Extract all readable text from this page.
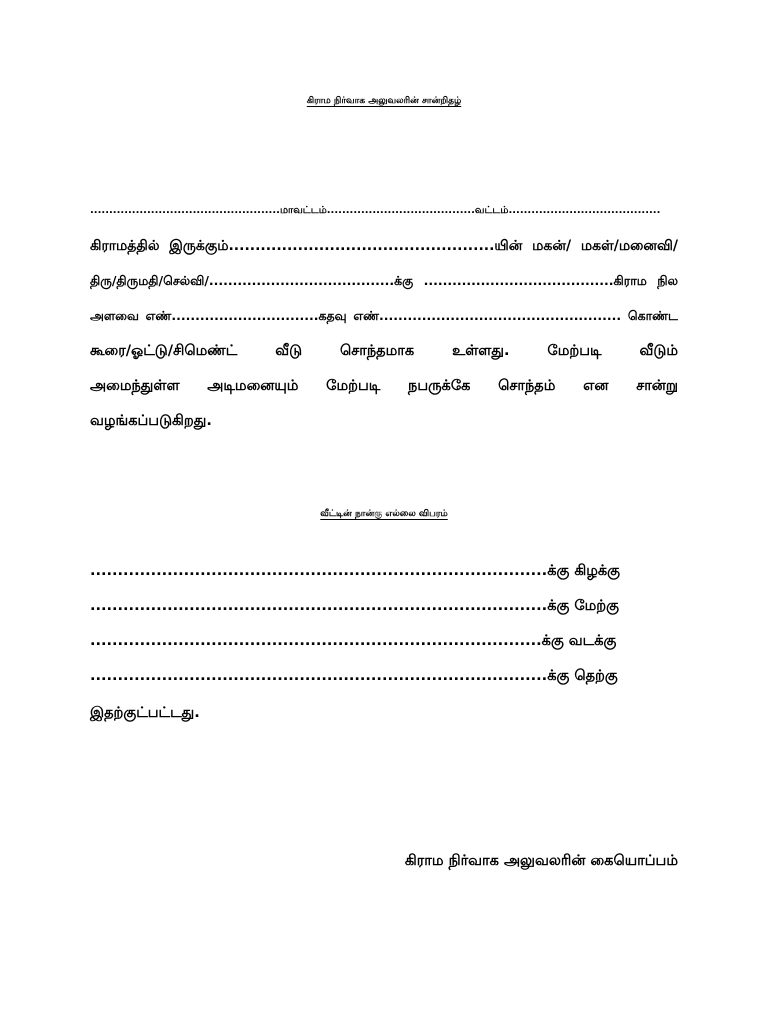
கிராம நிர்வாக அலுவலரின் சான்றிதழ்
..................................................மாவட்டம்.......................................வட்டம்........................................
கிராமத்தில் இருக்கும்..................................................யின் மகன்/ மகள்/மனைவி/
திரு/திருமதி/செல்வி/.......................................க்கு ........................................கிராம நில
அளவை எண்...............................கதவு எண்................................................... கொண்ட
கூரை/ஓட்டு/சிமெண்ட் வீடு சொந்தமாக உள்ளது. மேற்படி வீடும்
அமைந்துள்ள அடிமனையும் மேற்படி நபருக்கே சொந்தம் என சான்று
வழங்கப்படுகிறது.
வீட்டின் நான்கு எல்லை விபரம்
...................................................................................க்கு கிழக்கு
...................................................................................க்கு மேற்கு
..................................................................................க்கு வடக்கு
...................................................................................க்கு தெற்கு
இதற்குட்பட்டது.
கிராம நிர்வாக அலுவலரின் கையொப்பம்
